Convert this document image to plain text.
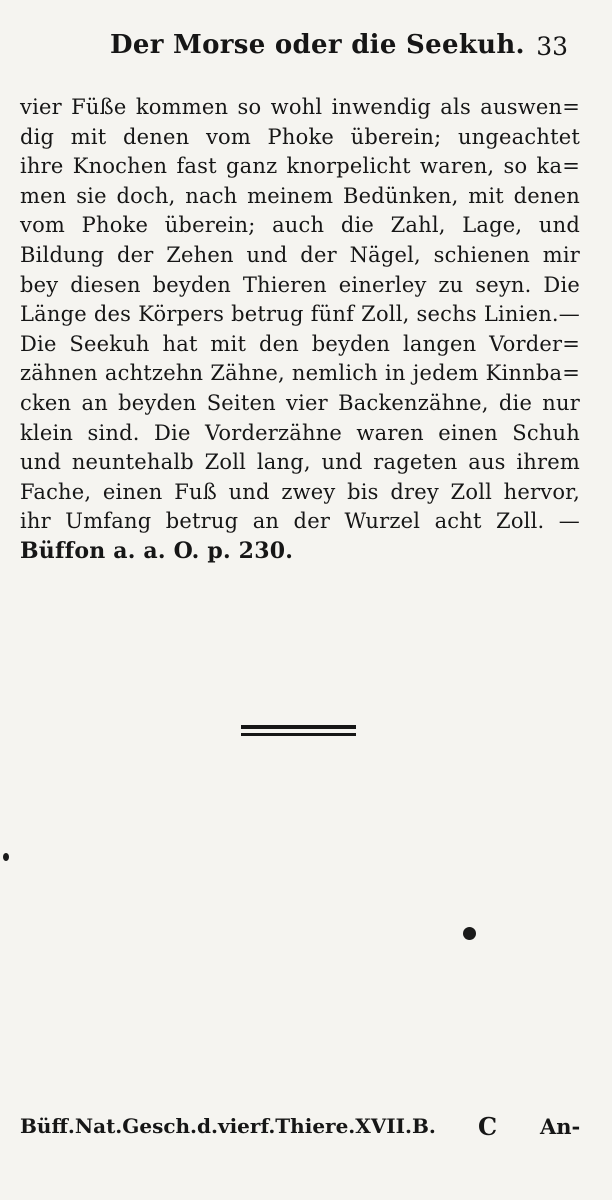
Der Morse oder die Seekuh. 33
vier Füße kommen so wohl inwendig als auswen=
dig mit denen vom Phoke überein; ungeachtet
ihre Knochen fast ganz knorpelicht waren, so ka=
men sie doch, nach meinem Bedünken, mit denen
vom Phoke überein; auch die Zahl, Lage, und
Bildung der Zehen und der Nägel, schienen mir
bey diesen beyden Thieren einerley zu seyn. Die
Länge des Körpers betrug fünf Zoll, sechs Linien.—
Die Seekuh hat mit den beyden langen Vorder=
zähnen achtzehn Zähne, nemlich in jedem Kinnba=
cken an beyden Seiten vier Backenzähne, die nur
klein sind. Die Vorderzähne waren einen Schuh
und neuntehalb Zoll lang, und rageten aus ihrem
Fache, einen Fuß und zwey bis drey Zoll hervor,
ihr Umfang betrug an der Wurzel acht Zoll. —
Büffon a. a. O. p. 230.
Büff.Nat.Gesch.d.vierf.Thiere.XVII.B. C An-
